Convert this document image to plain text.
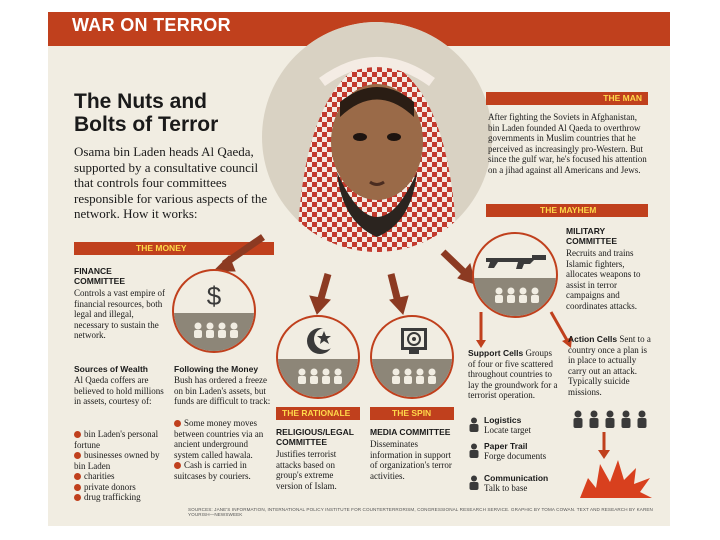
WAR ON TERROR
The Nuts and
Bolts of Terror
Osama bin Laden heads Al Qaeda, supported by a consultative council that controls four committees responsible for various aspects of the network. How it works:
THE MAN
After fighting the Soviets in Afghanistan, bin Laden founded Al Qaeda to overthrow governments in Muslim countries that he perceived as increasingly pro-Western. But since the gulf war, he's focused his attention on a jihad against all Americans and Jews.
THE MAYHEM
THE MONEY
$
FINANCE COMMITTEE
Controls a vast empire of financial resources, both legal and illegal, necessary to sustain the network.
Sources of Wealth
Al Qaeda coffers are believed to hold millions in assets, courtesy of:
bin Laden's personal fortune
businesses owned by bin Laden
charities
private donors
drug trafficking
Following the Money
Bush has ordered a freeze on bin Laden's assets, but funds are difficult to track:
Some money moves between countries via an ancient underground system called hawala.
Cash is carried in suitcases by couriers.
THE RATIONALE
RELIGIOUS/LEGAL COMMITTEE
Justifies terrorist attacks based on group's extreme version of Islam.
THE SPIN
MEDIA COMMITTEE
Disseminates information in support of organization's terror activities.
MILITARY COMMITTEE
Recruits and trains Islamic fighters, allocates weapons to assist in terror campaigns and coordinates attacks.
Support Cells Groups of four or five scattered throughout countries to lay the groundwork for a terrorist operation.
Logistics
Locate target
Paper Trail
Forge documents
Communication
Talk to base
Action Cells Sent to a country once a plan is in place to actually carry out an attack. Typically suicide missions.
SOURCES: JANE'S INFORMATION, INTERNATIONAL POLICY INSTITUTE FOR COUNTERTERRORISM, CONGRESSIONAL RESEARCH SERVICE. GRAPHIC BY TOMA COWAN. TEXT AND RESEARCH BY KAREN YOURISH—NEWSWEEK
